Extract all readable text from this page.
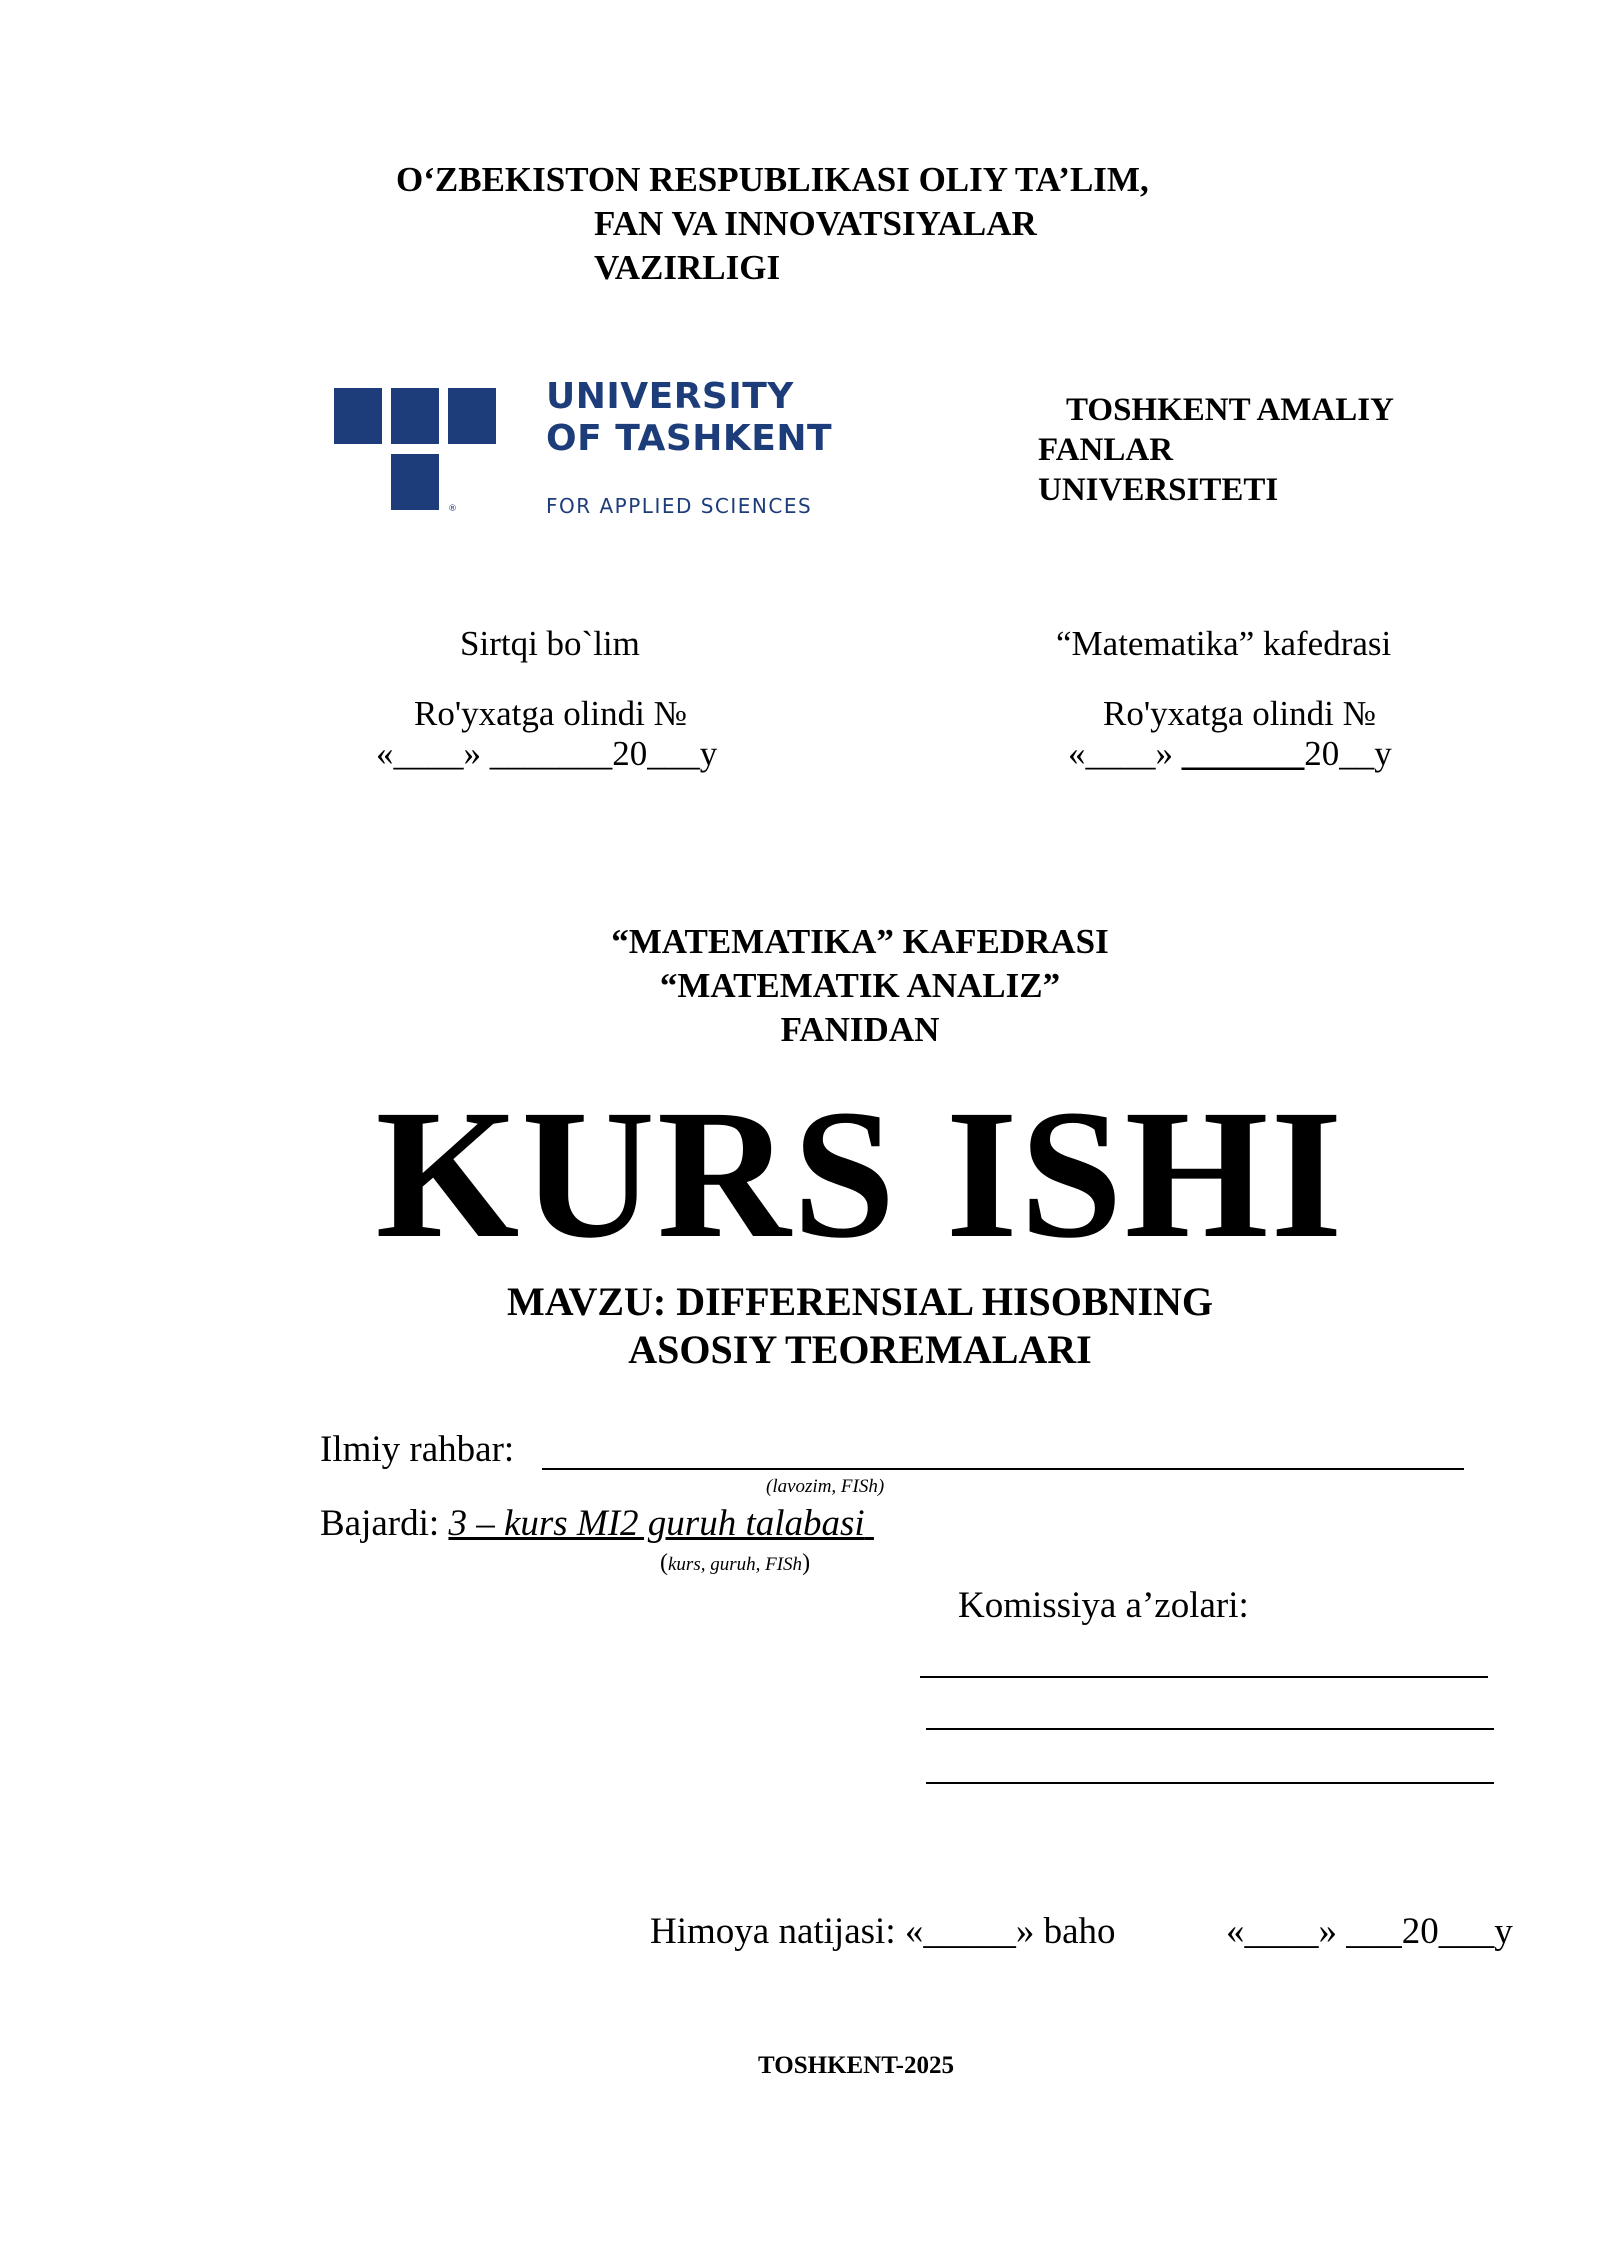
O‘ZBEKISTON RESPUBLIKASI OLIY TA’LIM,
FAN VA INNOVATSIYALAR
VAZIRLIGI
®
UNIVERSITY
OF TASHKENT
FOR APPLIED SCIENCES
TOSHKENT AMALIY
FANLAR
UNIVERSITETI
Sirtqi bo`lim
Ro'yxatga olindi №
«____» _______20___y
“Matematika” kafedrasi
Ro'yxatga olindi №
«____» _______20__y
“MATEMATIKA” KAFEDRASI
“MATEMATIK ANALIZ”
FANIDAN
KURS ISHI
MAVZU: DIFFERENSIAL HISOBNING
ASOSIY TEOREMALARI
Ilmiy rahbar:
(lavozim, FISh)
Bajardi: 3 – kurs MI2 guruh talabasi
(kurs, guruh, FISh)
Komissiya a’zolari:
Himoya natijasi: «_____» baho	«____» ___20___y
TOSHKENT-2025
